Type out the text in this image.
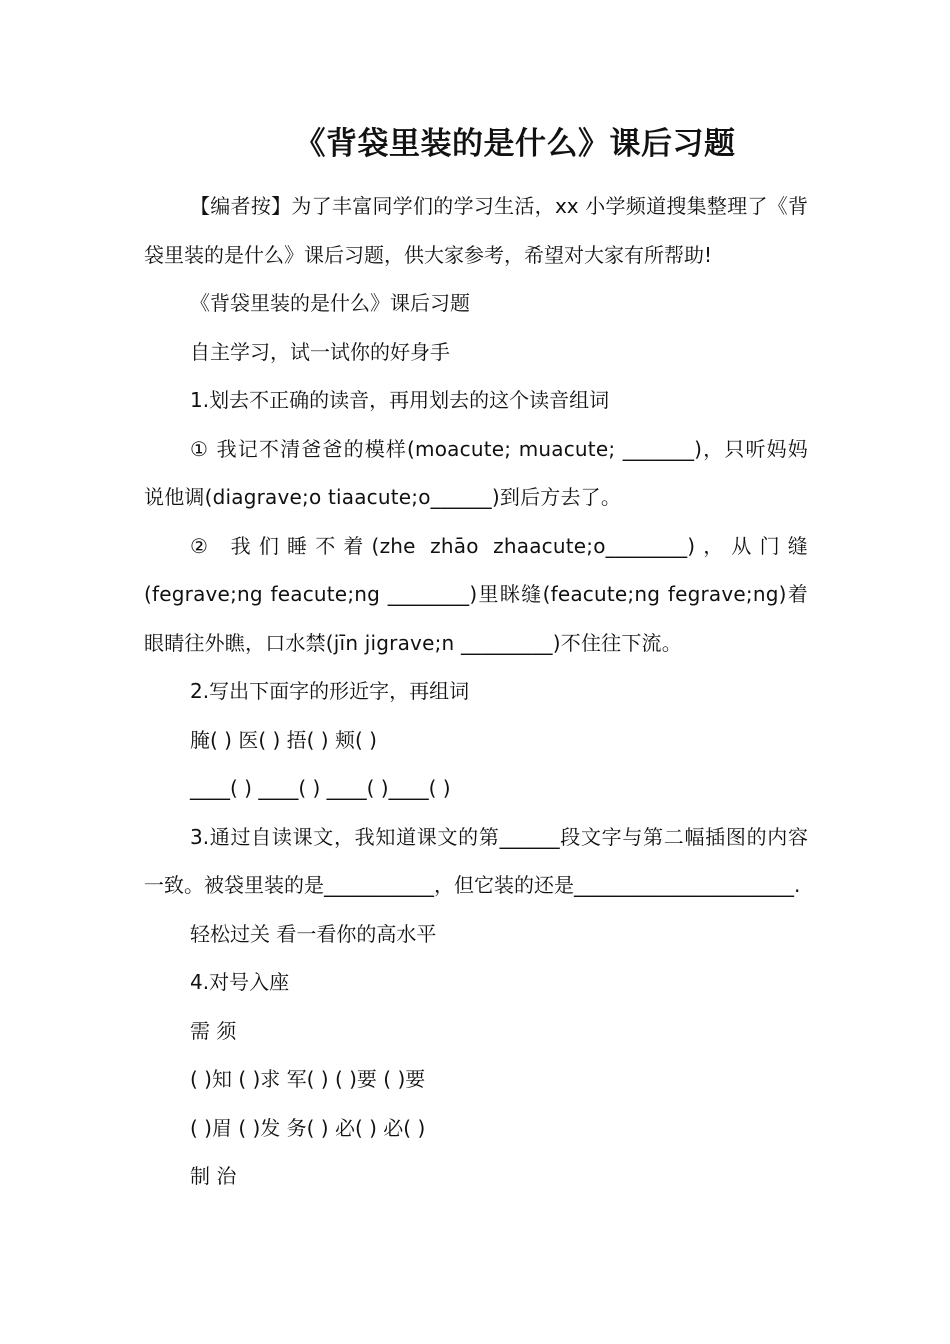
《背袋里装的是什么》课后习题

【编者按】为了丰富同学们的学习生活，xx 小学频道搜集整理了《背袋里装的是什么》课后习题，供大家参考，希望对大家有所帮助!

《背袋里装的是什么》课后习题

自主学习，试一试你的好身手

1.划去不正确的读音，再用划去的这个读音组词

① 我记不清爸爸的模样(moacute; muacute; _______)，只听妈妈说他调(diagrave;o tiaacute;o______)到后方去了。

② 我们睡不着(zhe zhāo zhaacute;o________)，从门缝(fegrave;ng feacute;ng ________)里眯缝(feacute;ng fegrave;ng)着眼睛往外瞧，口水禁(jīn jigrave;n _________)不住往下流。

2.写出下面字的形近字，再组词

腌( ) 医( ) 捂( ) 颊( )

____( ) ____( ) ____( )____( )

3.通过自读课文，我知道课文的第______段文字与第二幅插图的内容一致。被袋里装的是___________，但它装的还是______________________.

轻松过关 看一看你的高水平

4.对号入座

需 须

( )知 ( )求 军( ) ( )要 ( )要

( )眉 ( )发 务( ) 必( ) 必( )

制 治
